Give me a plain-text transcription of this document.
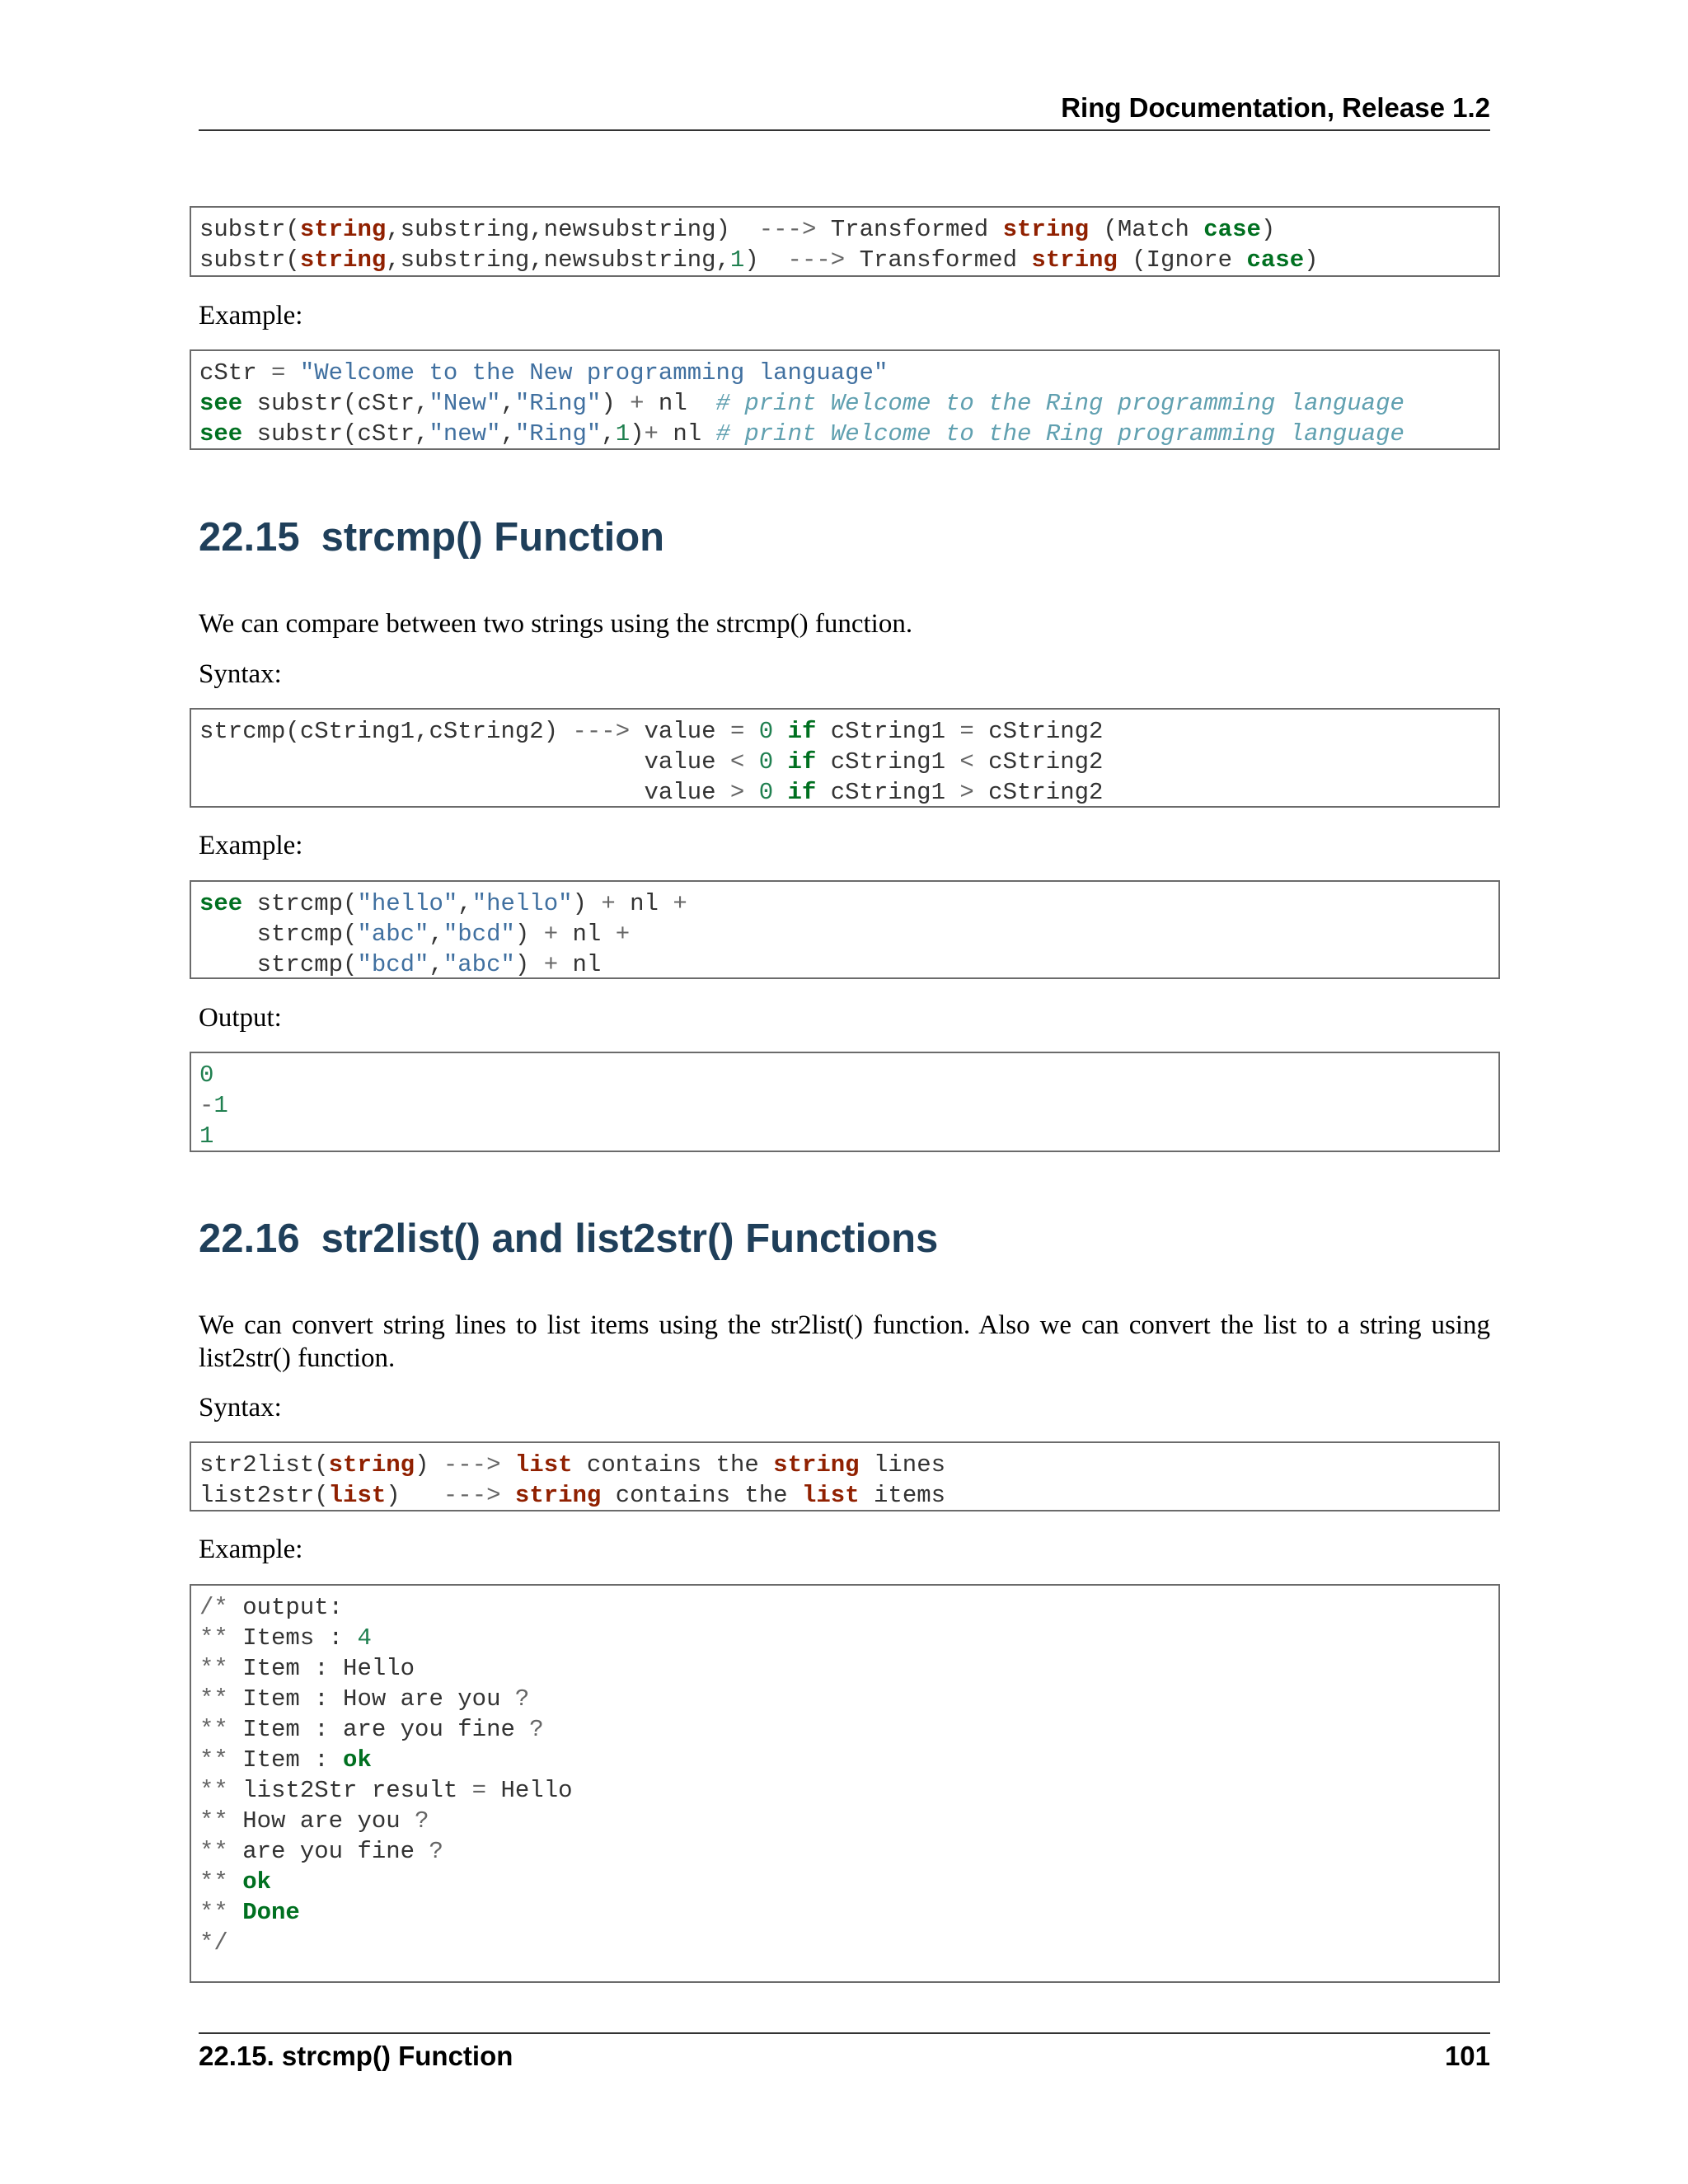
Ring Documentation, Release 1.2
substr(string,substring,newsubstring)  ---> Transformed string (Match case)
substr(string,substring,newsubstring,1)  ---> Transformed string (Ignore case)

Example:

cStr = "Welcome to the New programming language"
see substr(cStr,"New","Ring") + nl  # print Welcome to the Ring programming language
see substr(cStr,"new","Ring",1)+ nl # print Welcome to the Ring programming language
22.15 strcmp() Function

We can compare between two strings using the strcmp() function.

Syntax:

strcmp(cString1,cString2) ---> value = 0 if cString1 = cString2
value < 0 if cString1 < cString2
value > 0 if cString1 > cString2

Example:

see strcmp("hello","hello") + nl +
strcmp("abc","bcd") + nl +
strcmp("bcd","abc") + nl

Output:

0
-1
1
22.16 str2list() and list2str() Functions

We can convert string lines to list items using the str2list() function. Also we can convert the list to a string using list2str() function.

Syntax:

str2list(string) ---> list contains the string lines
list2str(list)   ---> string contains the list items

Example:

/* output:
** Items : 4
** Item : Hello
** Item : How are you ?
** Item : are you fine ?
** Item : ok
** list2Str result = Hello
** How are you ?
** are you fine ?
** ok
** Done
*/
22.15. strcmp() Function	101
